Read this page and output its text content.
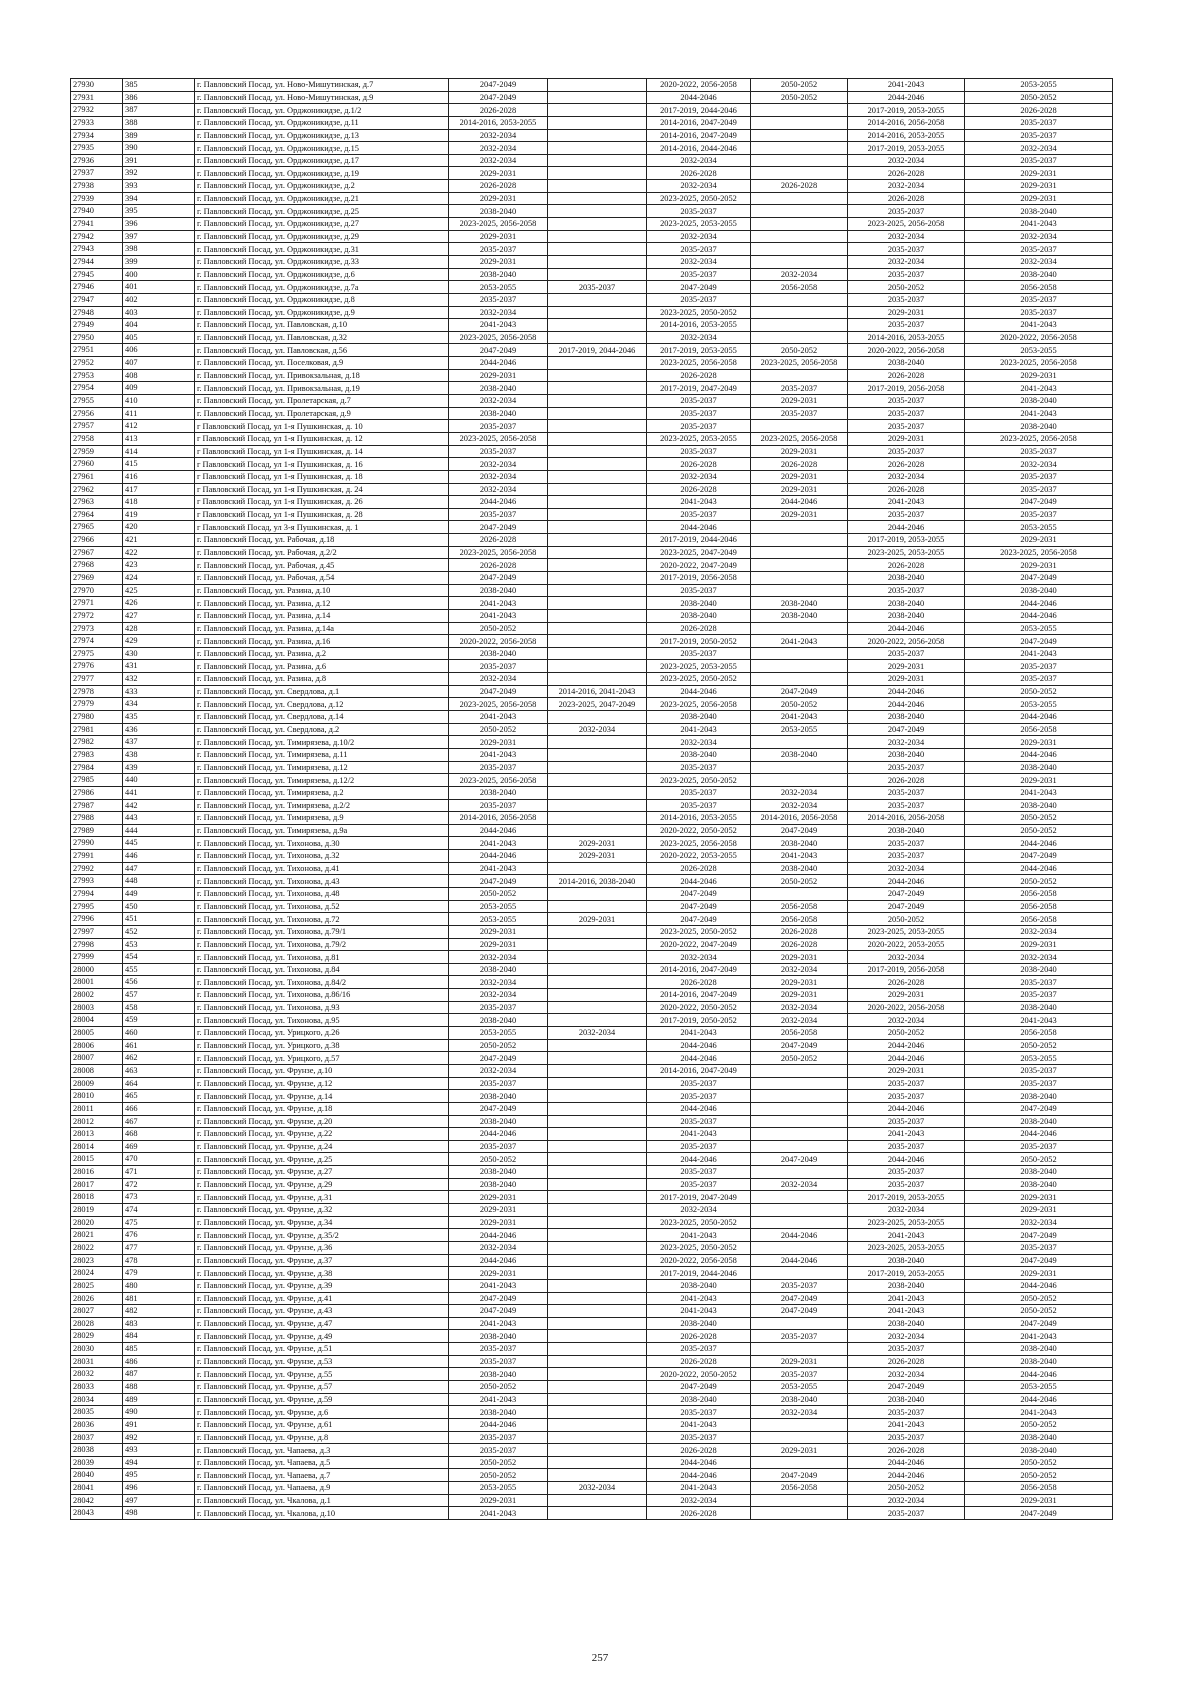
27930	385	г. Павловский Посад, ул. Ново-Мишутинская, д.7	2047-2049		2020-2022, 2056-2058	2050-2052	2041-2043	2053-2055
27931	386	г. Павловский Посад, ул. Ново-Мишутинская, д.9	2047-2049		2044-2046	2050-2052	2044-2046	2050-2052
27932	387	г. Павловский Посад, ул. Орджоникидзе, д.1/2	2026-2028		2017-2019, 2044-2046		2017-2019, 2053-2055	2026-2028
27933	388	г. Павловский Посад, ул. Орджоникидзе, д.11	2014-2016, 2053-2055		2014-2016, 2047-2049		2014-2016, 2056-2058	2035-2037
27934	389	г. Павловский Посад, ул. Орджоникидзе, д.13	2032-2034		2014-2016, 2047-2049		2014-2016, 2053-2055	2035-2037
27935	390	г. Павловский Посад, ул. Орджоникидзе, д.15	2032-2034		2014-2016, 2044-2046		2017-2019, 2053-2055	2032-2034
27936	391	г. Павловский Посад, ул. Орджоникидзе, д.17	2032-2034		2032-2034		2032-2034	2035-2037
27937	392	г. Павловский Посад, ул. Орджоникидзе, д.19	2029-2031		2026-2028		2026-2028	2029-2031
27938	393	г. Павловский Посад, ул. Орджоникидзе, д.2	2026-2028		2032-2034	2026-2028	2032-2034	2029-2031
27939	394	г. Павловский Посад, ул. Орджоникидзе, д.21	2029-2031		2023-2025, 2050-2052		2026-2028	2029-2031
27940	395	г. Павловский Посад, ул. Орджоникидзе, д.25	2038-2040		2035-2037		2035-2037	2038-2040
27941	396	г. Павловский Посад, ул. Орджоникидзе, д.27	2023-2025, 2056-2058		2023-2025, 2053-2055		2023-2025, 2056-2058	2041-2043
27942	397	г. Павловский Посад, ул. Орджоникидзе, д.29	2029-2031		2032-2034		2032-2034	2032-2034
27943	398	г. Павловский Посад, ул. Орджоникидзе, д.31	2035-2037		2035-2037		2035-2037	2035-2037
27944	399	г. Павловский Посад, ул. Орджоникидзе, д.33	2029-2031		2032-2034		2032-2034	2032-2034
27945	400	г. Павловский Посад, ул. Орджоникидзе, д.6	2038-2040		2035-2037	2032-2034	2035-2037	2038-2040
27946	401	г. Павловский Посад, ул. Орджоникидзе, д.7а	2053-2055	2035-2037	2047-2049	2056-2058	2050-2052	2056-2058
27947	402	г. Павловский Посад, ул. Орджоникидзе, д.8	2035-2037		2035-2037		2035-2037	2035-2037
27948	403	г. Павловский Посад, ул. Орджоникидзе, д.9	2032-2034		2023-2025, 2050-2052		2029-2031	2035-2037
27949	404	г. Павловский Посад, ул. Павловская, д.10	2041-2043		2014-2016, 2053-2055		2035-2037	2041-2043
27950	405	г. Павловский Посад, ул. Павловская, д.32	2023-2025, 2056-2058		2032-2034		2014-2016, 2053-2055	2020-2022, 2056-2058
27951	406	г. Павловский Посад, ул. Павловская, д.56	2047-2049	2017-2019, 2044-2046	2017-2019, 2053-2055	2050-2052	2020-2022, 2056-2058	2053-2055
27952	407	г. Павловский Посад, ул. Поселковая, д.9	2044-2046		2023-2025, 2056-2058	2023-2025, 2056-2058	2038-2040	2023-2025, 2056-2058
27953	408	г. Павловский Посад, ул. Привокзальная, д.18	2029-2031		2026-2028		2026-2028	2029-2031
27954	409	г. Павловский Посад, ул. Привокзальная, д.19	2038-2040		2017-2019, 2047-2049	2035-2037	2017-2019, 2056-2058	2041-2043
27955	410	г. Павловский Посад, ул. Пролетарская, д.7	2032-2034		2035-2037	2029-2031	2035-2037	2038-2040
27956	411	г. Павловский Посад, ул. Пролетарская, д.9	2038-2040		2035-2037	2035-2037	2035-2037	2041-2043
27957	412	г Павловский Посад, ул 1-я Пушкинская, д. 10	2035-2037		2035-2037		2035-2037	2038-2040
27958	413	г Павловский Посад, ул 1-я Пушкинская, д. 12	2023-2025, 2056-2058		2023-2025, 2053-2055	2023-2025, 2056-2058	2029-2031	2023-2025, 2056-2058
27959	414	г Павловский Посад, ул 1-я Пушкинская, д. 14	2035-2037		2035-2037	2029-2031	2035-2037	2035-2037
27960	415	г Павловский Посад, ул 1-я Пушкинская, д. 16	2032-2034		2026-2028	2026-2028	2026-2028	2032-2034
27961	416	г Павловский Посад, ул 1-я Пушкинская, д. 18	2032-2034		2032-2034	2029-2031	2032-2034	2035-2037
27962	417	г Павловский Посад, ул 1-я Пушкинская, д. 24	2032-2034		2026-2028	2029-2031	2026-2028	2035-2037
27963	418	г Павловский Посад, ул 1-я Пушкинская, д. 26	2044-2046		2041-2043	2044-2046	2041-2043	2047-2049
27964	419	г Павловский Посад, ул 1-я Пушкинская, д. 28	2035-2037		2035-2037	2029-2031	2035-2037	2035-2037
27965	420	г Павловский Посад, ул 3-я Пушкинская, д. 1	2047-2049		2044-2046		2044-2046	2053-2055
27966	421	г. Павловский Посад, ул. Рабочая, д.18	2026-2028		2017-2019, 2044-2046		2017-2019, 2053-2055	2029-2031
27967	422	г. Павловский Посад, ул. Рабочая, д.2/2	2023-2025, 2056-2058		2023-2025, 2047-2049		2023-2025, 2053-2055	2023-2025, 2056-2058
27968	423	г. Павловский Посад, ул. Рабочая, д.45	2026-2028		2020-2022, 2047-2049		2026-2028	2029-2031
27969	424	г. Павловский Посад, ул. Рабочая, д.54	2047-2049		2017-2019, 2056-2058		2038-2040	2047-2049
27970	425	г. Павловский Посад, ул. Разина, д.10	2038-2040		2035-2037		2035-2037	2038-2040
27971	426	г. Павловский Посад, ул. Разина, д.12	2041-2043		2038-2040	2038-2040	2038-2040	2044-2046
27972	427	г. Павловский Посад, ул. Разина, д.14	2041-2043		2038-2040	2038-2040	2038-2040	2044-2046
27973	428	г. Павловский Посад, ул. Разина, д.14а	2050-2052		2026-2028		2044-2046	2053-2055
27974	429	г. Павловский Посад, ул. Разина, д.16	2020-2022, 2056-2058		2017-2019, 2050-2052	2041-2043	2020-2022, 2056-2058	2047-2049
27975	430	г. Павловский Посад, ул. Разина, д.2	2038-2040		2035-2037		2035-2037	2041-2043
27976	431	г. Павловский Посад, ул. Разина, д.6	2035-2037		2023-2025, 2053-2055		2029-2031	2035-2037
27977	432	г. Павловский Посад, ул. Разина, д.8	2032-2034		2023-2025, 2050-2052		2029-2031	2035-2037
27978	433	г. Павловский Посад, ул. Свердлова, д.1	2047-2049	2014-2016, 2041-2043	2044-2046	2047-2049	2044-2046	2050-2052
27979	434	г. Павловский Посад, ул. Свердлова, д.12	2023-2025, 2056-2058	2023-2025, 2047-2049	2023-2025, 2056-2058	2050-2052	2044-2046	2053-2055
27980	435	г. Павловский Посад, ул. Свердлова, д.14	2041-2043		2038-2040	2041-2043	2038-2040	2044-2046
27981	436	г. Павловский Посад, ул. Свердлова, д.2	2050-2052	2032-2034	2041-2043	2053-2055	2047-2049	2056-2058
27982	437	г. Павловский Посад, ул. Тимирязева, д.10/2	2029-2031		2032-2034		2032-2034	2029-2031
27983	438	г. Павловский Посад, ул. Тимирязева, д.11	2041-2043		2038-2040	2038-2040	2038-2040	2044-2046
27984	439	г. Павловский Посад, ул. Тимирязева, д.12	2035-2037		2035-2037		2035-2037	2038-2040
27985	440	г. Павловский Посад, ул. Тимирязева, д.12/2	2023-2025, 2056-2058		2023-2025, 2050-2052		2026-2028	2029-2031
27986	441	г. Павловский Посад, ул. Тимирязева, д.2	2038-2040		2035-2037	2032-2034	2035-2037	2041-2043
27987	442	г. Павловский Посад, ул. Тимирязева, д.2/2	2035-2037		2035-2037	2032-2034	2035-2037	2038-2040
27988	443	г. Павловский Посад, ул. Тимирязева, д.9	2014-2016, 2056-2058		2014-2016, 2053-2055	2014-2016, 2056-2058	2014-2016, 2056-2058	2050-2052
27989	444	г. Павловский Посад, ул. Тимирязева, д.9а	2044-2046		2020-2022, 2050-2052	2047-2049	2038-2040	2050-2052
27990	445	г. Павловский Посад, ул. Тихонова, д.30	2041-2043	2029-2031	2023-2025, 2056-2058	2038-2040	2035-2037	2044-2046
27991	446	г. Павловский Посад, ул. Тихонова, д.32	2044-2046	2029-2031	2020-2022, 2053-2055	2041-2043	2035-2037	2047-2049
27992	447	г. Павловский Посад, ул. Тихонова, д.41	2041-2043		2026-2028	2038-2040	2032-2034	2044-2046
27993	448	г. Павловский Посад, ул. Тихонова, д.43	2047-2049	2014-2016, 2038-2040	2044-2046	2050-2052	2044-2046	2050-2052
27994	449	г. Павловский Посад, ул. Тихонова, д.48	2050-2052		2047-2049		2047-2049	2056-2058
27995	450	г. Павловский Посад, ул. Тихонова, д.52	2053-2055		2047-2049	2056-2058	2047-2049	2056-2058
27996	451	г. Павловский Посад, ул. Тихонова, д.72	2053-2055	2029-2031	2047-2049	2056-2058	2050-2052	2056-2058
27997	452	г. Павловский Посад, ул. Тихонова, д.79/1	2029-2031		2023-2025, 2050-2052	2026-2028	2023-2025, 2053-2055	2032-2034
27998	453	г. Павловский Посад, ул. Тихонова, д.79/2	2029-2031		2020-2022, 2047-2049	2026-2028	2020-2022, 2053-2055	2029-2031
27999	454	г. Павловский Посад, ул. Тихонова, д.81	2032-2034		2032-2034	2029-2031	2032-2034	2032-2034
28000	455	г. Павловский Посад, ул. Тихонова, д.84	2038-2040		2014-2016, 2047-2049	2032-2034	2017-2019, 2056-2058	2038-2040
28001	456	г. Павловский Посад, ул. Тихонова, д.84/2	2032-2034		2026-2028	2029-2031	2026-2028	2035-2037
28002	457	г. Павловский Посад, ул. Тихонова, д.86/16	2032-2034		2014-2016, 2047-2049	2029-2031	2029-2031	2035-2037
28003	458	г. Павловский Посад, ул. Тихонова, д.93	2035-2037		2020-2022, 2050-2052	2032-2034	2020-2022, 2056-2058	2038-2040
28004	459	г. Павловский Посад, ул. Тихонова, д.95	2038-2040		2017-2019, 2050-2052	2032-2034	2032-2034	2041-2043
28005	460	г. Павловский Посад, ул. Урицкого, д.26	2053-2055	2032-2034	2041-2043	2056-2058	2050-2052	2056-2058
28006	461	г. Павловский Посад, ул. Урицкого, д.38	2050-2052		2044-2046	2047-2049	2044-2046	2050-2052
28007	462	г. Павловский Посад, ул. Урицкого, д.57	2047-2049		2044-2046	2050-2052	2044-2046	2053-2055
28008	463	г. Павловский Посад, ул. Фрунзе, д.10	2032-2034		2014-2016, 2047-2049		2029-2031	2035-2037
28009	464	г. Павловский Посад, ул. Фрунзе, д.12	2035-2037		2035-2037		2035-2037	2035-2037
28010	465	г. Павловский Посад, ул. Фрунзе, д.14	2038-2040		2035-2037		2035-2037	2038-2040
28011	466	г. Павловский Посад, ул. Фрунзе, д.18	2047-2049		2044-2046		2044-2046	2047-2049
28012	467	г. Павловский Посад, ул. Фрунзе, д.20	2038-2040		2035-2037		2035-2037	2038-2040
28013	468	г. Павловский Посад, ул. Фрунзе, д.22	2044-2046		2041-2043		2041-2043	2044-2046
28014	469	г. Павловский Посад, ул. Фрунзе, д.24	2035-2037		2035-2037		2035-2037	2035-2037
28015	470	г. Павловский Посад, ул. Фрунзе, д.25	2050-2052		2044-2046	2047-2049	2044-2046	2050-2052
28016	471	г. Павловский Посад, ул. Фрунзе, д.27	2038-2040		2035-2037		2035-2037	2038-2040
28017	472	г. Павловский Посад, ул. Фрунзе, д.29	2038-2040		2035-2037	2032-2034	2035-2037	2038-2040
28018	473	г. Павловский Посад, ул. Фрунзе, д.31	2029-2031		2017-2019, 2047-2049		2017-2019, 2053-2055	2029-2031
28019	474	г. Павловский Посад, ул. Фрунзе, д.32	2029-2031		2032-2034		2032-2034	2029-2031
28020	475	г. Павловский Посад, ул. Фрунзе, д.34	2029-2031		2023-2025, 2050-2052		2023-2025, 2053-2055	2032-2034
28021	476	г. Павловский Посад, ул. Фрунзе, д.35/2	2044-2046		2041-2043	2044-2046	2041-2043	2047-2049
28022	477	г. Павловский Посад, ул. Фрунзе, д.36	2032-2034		2023-2025, 2050-2052		2023-2025, 2053-2055	2035-2037
28023	478	г. Павловский Посад, ул. Фрунзе, д.37	2044-2046		2020-2022, 2056-2058	2044-2046	2038-2040	2047-2049
28024	479	г. Павловский Посад, ул. Фрунзе, д.38	2029-2031		2017-2019, 2044-2046		2017-2019, 2053-2055	2029-2031
28025	480	г. Павловский Посад, ул. Фрунзе, д.39	2041-2043		2038-2040	2035-2037	2038-2040	2044-2046
28026	481	г. Павловский Посад, ул. Фрунзе, д.41	2047-2049		2041-2043	2047-2049	2041-2043	2050-2052
28027	482	г. Павловский Посад, ул. Фрунзе, д.43	2047-2049		2041-2043	2047-2049	2041-2043	2050-2052
28028	483	г. Павловский Посад, ул. Фрунзе, д.47	2041-2043		2038-2040		2038-2040	2047-2049
28029	484	г. Павловский Посад, ул. Фрунзе, д.49	2038-2040		2026-2028	2035-2037	2032-2034	2041-2043
28030	485	г. Павловский Посад, ул. Фрунзе, д.51	2035-2037		2035-2037		2035-2037	2038-2040
28031	486	г. Павловский Посад, ул. Фрунзе, д.53	2035-2037		2026-2028	2029-2031	2026-2028	2038-2040
28032	487	г. Павловский Посад, ул. Фрунзе, д.55	2038-2040		2020-2022, 2050-2052	2035-2037	2032-2034	2044-2046
28033	488	г. Павловский Посад, ул. Фрунзе, д.57	2050-2052		2047-2049	2053-2055	2047-2049	2053-2055
28034	489	г. Павловский Посад, ул. Фрунзе, д.59	2041-2043		2038-2040	2038-2040	2038-2040	2044-2046
28035	490	г. Павловский Посад, ул. Фрунзе, д.6	2038-2040		2035-2037	2032-2034	2035-2037	2041-2043
28036	491	г. Павловский Посад, ул. Фрунзе, д.61	2044-2046		2041-2043		2041-2043	2050-2052
28037	492	г. Павловский Посад, ул. Фрунзе, д.8	2035-2037		2035-2037		2035-2037	2038-2040
28038	493	г. Павловский Посад, ул. Чапаева, д.3	2035-2037		2026-2028	2029-2031	2026-2028	2038-2040
28039	494	г. Павловский Посад, ул. Чапаева, д.5	2050-2052		2044-2046		2044-2046	2050-2052
28040	495	г. Павловский Посад, ул. Чапаева, д.7	2050-2052		2044-2046	2047-2049	2044-2046	2050-2052
28041	496	г. Павловский Посад, ул. Чапаева, д.9	2053-2055	2032-2034	2041-2043	2056-2058	2050-2052	2056-2058
28042	497	г. Павловский Посад, ул. Чкалова, д.1	2029-2031		2032-2034		2032-2034	2029-2031
28043	498	г. Павловский Посад, ул. Чкалова, д.10	2041-2043		2026-2028		2035-2037	2047-2049
257
